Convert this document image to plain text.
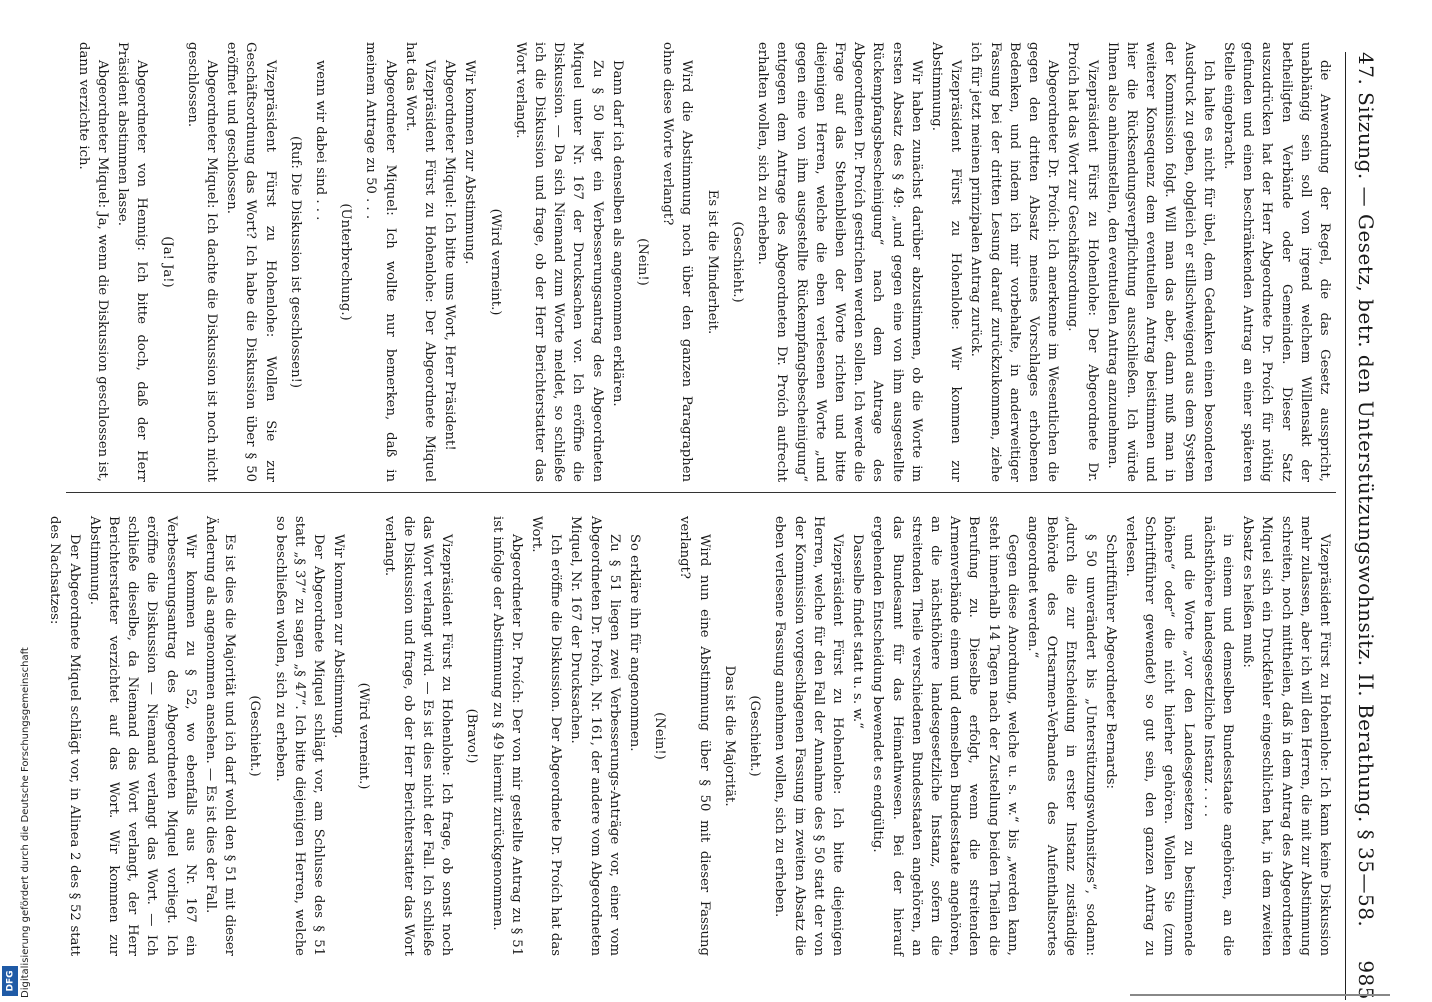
47. Sitzung. — Gesetz, betr. den Unterstützungswohnsitz. II. Berathung. § 35—58.
985

die Anwendung der Regel, die das Gesetz ausspricht, unabhängig sein soll von irgend welchem Willensakt der betheiligten Verbände oder Gemeinden. Dieser Satz auszudrücken hat der Herr Abgeordnete Dr. Proích für nöthig gefunden und einen beschränkenden Antrag an einer späteren Stelle eingebracht.

Ich halte es nicht für übel, dem Gedanken einen besonderen Ausdruck zu geben, obgleich er stillschweigend aus dem System der Kommission folgt. Will man das aber, dann muß man in weiterer Konsequenz dem eventuellen Antrag beistimmen und hier die Rücksendungsverpflichtung ausschließen. Ich würde Ihnen also anheimstellen, den eventuellen Antrag anzunehmen.

Vizepräsident Fürst zu Hohenlohe: Der Abgeordnete Dr. Proích hat das Wort zur Geschäftsordnung.

Abgeordneter Dr. Proích: Ich anerkenne im Wesentlichen die gegen den dritten Absatz meines Vorschlages erhobenen Bedenken, und indem ich mir vorbehalte, in anderweitiger Fassung bei der dritten Lesung darauf zurückzukommen, ziehe ich für jetzt meinen prinzipalen Antrag zurück.

Vizepräsident Fürst zu Hohenlohe: Wir kommen zur Abstimmung.

Wir haben zunächst darüber abzustimmen, ob die Worte im ersten Absatz des § 49: „und gegen eine von ihm ausgestellte Rückempfangsbescheinigung“ nach dem Antrage des Abgeordneten Dr. Proích gestrichen werden sollen. Ich werde die Frage auf das Stehenbleiben der Worte richten und bitte diejenigen Herren, welche die eben verlesenen Worte „und gegen eine von ihm ausgestellte Rückempfangsbescheinigung“ entgegen dem Antrage des Abgeordneten Dr. Proích aufrecht erhalten wollen, sich zu erheben.

(Geschieht.)

Es ist die Minderheit.

Wird die Abstimmung noch über den ganzen Paragraphen ohne diese Worte verlangt?

(Nein!)

Dann darf ich denselben als angenommen erklären.

Zu § 50 liegt ein Verbesserungsantrag des Abgeordneten Miquel unter Nr. 167 der Drucksachen vor. Ich eröffne die Diskussion. — Da sich Niemand zum Worte meldet, so schließe ich die Diskussion und frage, ob der Herr Berichterstatter das Wort verlangt.

(Wird verneint.)

Wir kommen zur Abstimmung.

Abgeordneter Miquel: Ich bitte ums Wort, Herr Präsident!

Vizepräsident Fürst zu Hohenlohe: Der Abgeordnete Miquel hat das Wort.

Abgeordneter Miquel: Ich wollte nur bemerken, daß in meinem Antrage zu 50 . . .

(Unterbrechung.)

wenn wir dabei sind . . .

(Ruf: Die Diskussion ist geschlossen!)

Vizepräsident Fürst zu Hohenlohe: Wollen Sie zur Geschäftsordnung das Wort? Ich habe die Diskussion über § 50 eröffnet und geschlossen.

Abgeordneter Miquel: Ich dachte die Diskussion ist noch nicht geschlossen.

(Ja! Ja!)

Abgeordneter von Hennig: Ich bitte doch, daß der Herr Präsident abstimmen lasse.

Abgeordneter Miquel: Ja, wenn die Diskussion geschlossen ist, dann verzichte ich.

Vizepräsident Fürst zu Hohenlohe: Ich kann keine Diskussion mehr zulassen, aber ich will den Herren, die mit zur Abstimmung schreiten, noch mittheilen, daß in dem Antrag des Abgeordneten Miquel sich ein Druckfehler eingeschlichen hat, in dem zweiten Absatz es heißen muß:

in einem und demselben Bundesstaate angehören, an die nächsthöhere landesgesetzliche Instanz . . . .

und die Worte „vor den Landesgesetzen zu bestimmende höhere“ oder“ die nicht hierher gehören. Wollen Sie (zum Schriftführer gewendet) so gut sein, den ganzen Antrag zu verlesen.

Schriftführer Abgeordneter Bernards:

§ 50 unverändert bis „Unterstützungswohnsitzes“, sodann: „durch die zur Entscheidung in erster Instanz zuständige Behörde des Ortsarmen-Verbandes des Aufenthaltsortes angeordnet werden.“

Gegen diese Anordnung, welche u. s. w.“ bis „werden kann, steht innerhalb 14 Tagen nach der Zustellung beiden Theilen die Berufung zu. Dieselbe erfolgt, wenn die streitenden Armenverbände einem und demselben Bundesstaate angehören, an die nächsthöhere landesgesetzliche Instanz, sofern die streitenden Theile verschiedenen Bundesstaaten angehören, an das Bundesamt für das Heimathwesen. Bei der hierauf ergehenden Entscheidung bewendet es endgültig.

Dasselbe findet statt u. s. w.“

Vizepräsident Fürst zu Hohenlohe: Ich bitte diejenigen Herren, welche für den Fall der Annahme des § 50 statt der von der Kommission vorgeschlagenen Fassung im zweiten Absatz die eben verlesene Fassung annehmen wollen, sich zu erheben.

(Geschieht.)

Das ist die Majorität.

Wird nun eine Abstimmung über § 50 mit dieser Fassung verlangt?

(Nein!)

So erkläre ihn für angenommen.

Zu § 51 liegen zwei Verbesserungs-Anträge vor, einer vom Abgeordneten Dr. Proích, Nr. 161, der andere vom Abgeordneten Miquel, Nr. 167 der Drucksachen.

Ich eröffne die Diskussion. Der Abgeordnete Dr. Proích hat das Wort.

Abgeordneter Dr. Proích: Der von mir gestellte Antrag zu § 51 ist infolge der Abstimmung zu § 49 hiermit zurückgenommen.

(Bravo!)

Vizepräsident Fürst zu Hohenlohe: Ich frage, ob sonst noch das Wort verlangt wird. — Es ist dies nicht der Fall. Ich schließe die Diskussion und frage, ob der Herr Berichterstatter das Wort verlangt.

(Wird verneint.)

Wir kommen zur Abstimmung.

Der Abgeordnete Miquel schlägt vor, am Schlusse des § 51 statt „§ 37“ zu sagen „§ 47“. Ich bitte diejenigen Herren, welche so beschließen wollen, sich zu erheben.

(Geschieht.)

Es ist dies die Majorität und ich darf wohl den § 51 mit dieser Änderung als angenommen ansehen. — Es ist dies der Fall.

Wir kommen zu § 52, wo ebenfalls aus Nr. 167 ein Verbesserungsantrag des Abgeordneten Miquel vorliegt. Ich eröffne die Diskussion — Niemand verlangt das Wort. — Ich schließe dieselbe, da Niemand das Wort verlangt, der Herr Berichterstatter verzichtet auf das Wort. Wir kommen zur Abstimmung.

Der Abgeordnete Miquel schlägt vor, in Alinea 2 des § 52 statt des Nachsatzes:

Digitalisierung gefördert durch die Deutsche Forschungsgemeinschaft
DFG
